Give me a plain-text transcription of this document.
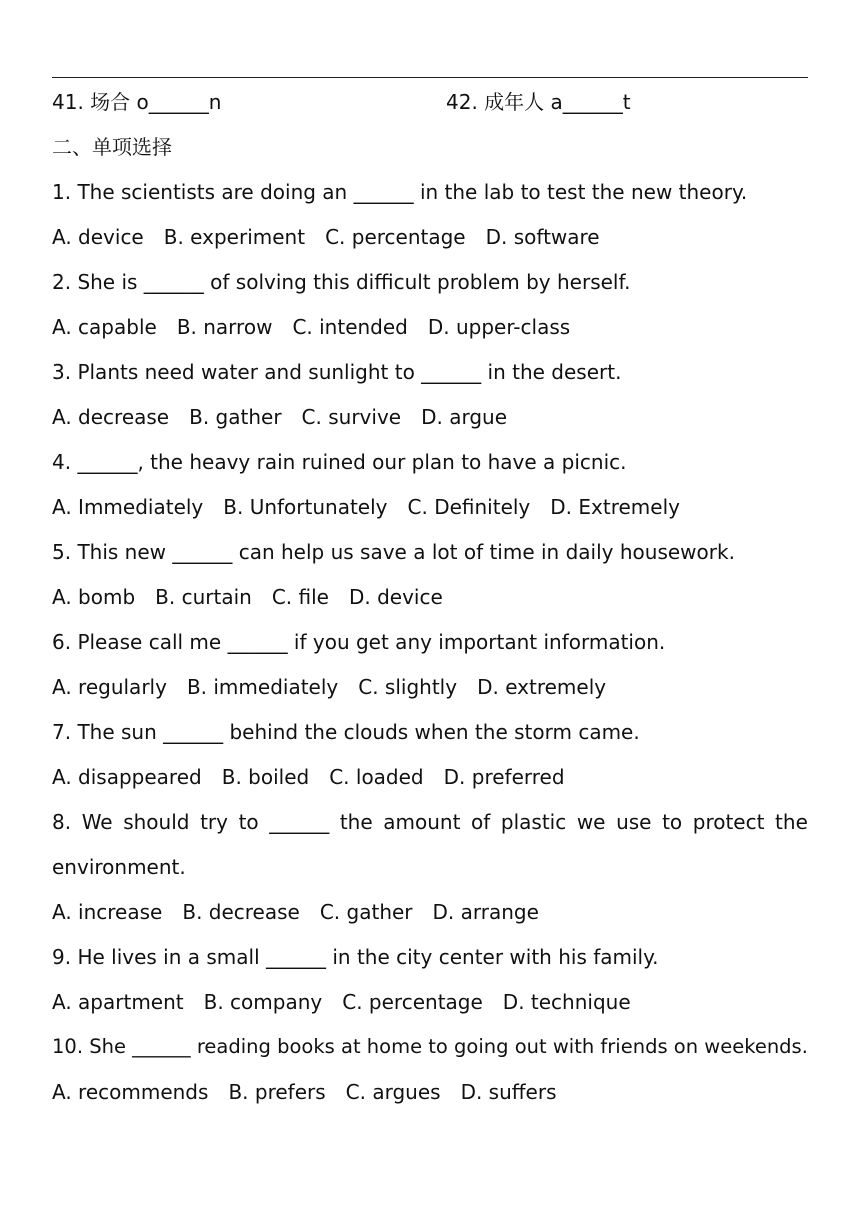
41. 场合 o______n	42. 成年人 a______t
二、单项选择
1. The scientists are doing an ______ in the lab to test the new theory.
A. device B. experiment C. percentage D. software
2. She is ______ of solving this difficult problem by herself.
A. capable B. narrow C. intended D. upper-class
3. Plants need water and sunlight to ______ in the desert.
A. decrease B. gather C. survive D. argue
4. ______, the heavy rain ruined our plan to have a picnic.
A. Immediately B. Unfortunately C. Definitely D. Extremely
5. This new ______ can help us save a lot of time in daily housework.
A. bomb B. curtain C. file D. device
6. Please call me ______ if you get any important information.
A. regularly B. immediately C. slightly D. extremely
7. The sun ______ behind the clouds when the storm came.
A. disappeared B. boiled C. loaded D. preferred
8. We should try to ______ the amount of plastic we use to protect the
environment.
A. increase B. decrease C. gather D. arrange
9. He lives in a small ______ in the city center with his family.
A. apartment B. company C. percentage D. technique
10. She ______ reading books at home to going out with friends on weekends.
A. recommends B. prefers C. argues D. suffers
